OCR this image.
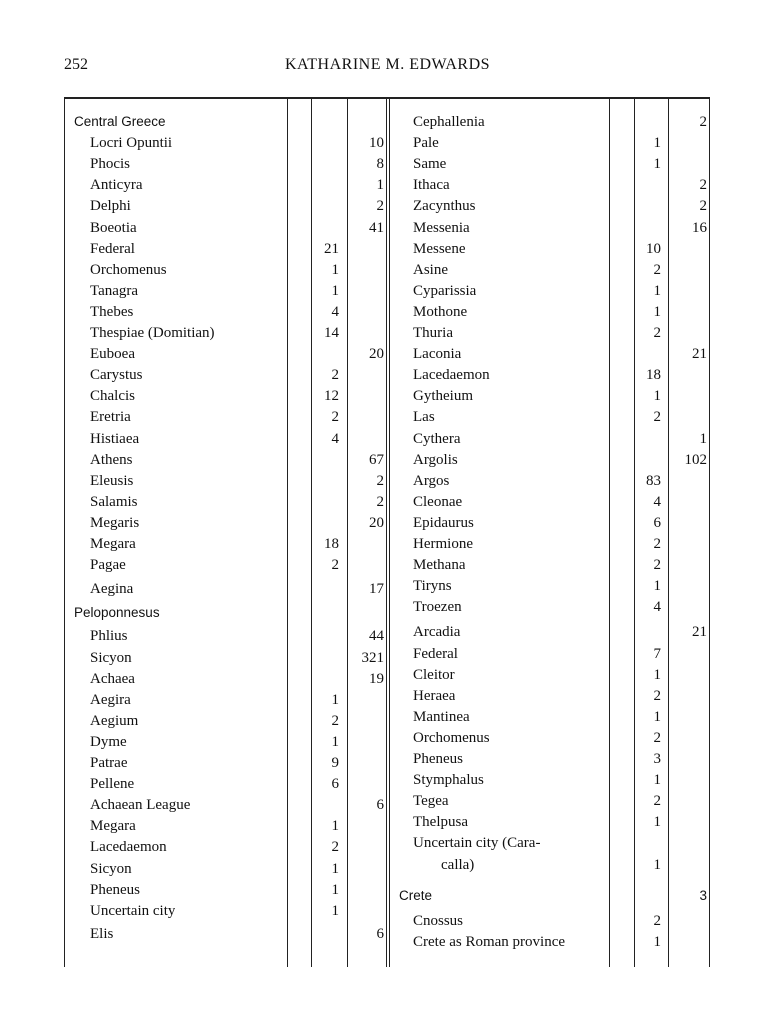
252	KATHARINE M. EDWARDS
Central Greece
Locri Opuntii . . .	10
Phocis . . .	8
Anticyra . . .	1
Delphi . . .	2
Boeotia . . .	41
Federal	21
Orchomenus	1
Tanagra	1
Thebes	4
Thespiae (Domitian)	14
Euboea . . .	20
Carystus	2
Chalcis	12
Eretria	2
Histiaea	4
Athens . . .	67
Eleusis . . .	2
Salamis . . .	2
Megaris . . .	20
Megara	18
Pagae	2
Aegina . . .	17
Peloponnesus
Phlius . . .	44
Sicyon . . .	321
Achaea . . .	19
Aegira	1
Aegium	2
Dyme	1
Patrae	9
Pellene	6
Achaean League . . .	6
Megara	1
Lacedaemon	2
Sicyon	1
Pheneus	1
Uncertain city	1
Elis . . .	6
Cephallenia . . .	2
Pale	1
Same	1
Ithaca . . .	2
Zacynthus . . .	2
Messenia . . .	16
Messene	10
Asine	2
Cyparissia	1
Mothone	1
Thuria	2
Laconia . . .	21
Lacedaemon	18
Gytheium	1
Las	2
Cythera . . .	1
Argolis . . .	102
Argos	83
Cleonae	4
Epidaurus	6
Hermione	2
Methana	2
Tiryns	1
Troezen	4
Arcadia . . .	21
Federal	7
Cleitor	1
Heraea	2
Mantinea	1
Orchomenus	2
Pheneus	3
Stymphalus	1
Tegea	2
Thelpusa	1
Uncertain city (Cara-
calla)	1
Crete . . .	3
Cnossus	2
Crete as Roman province	1
